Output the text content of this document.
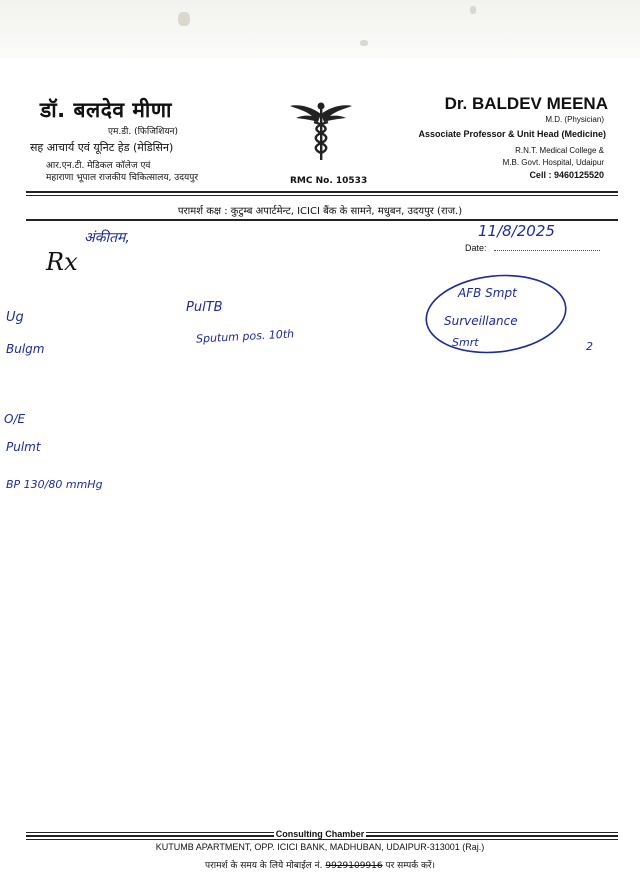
डॉ. बलदेव मीणा
एम.डी. (फिजिशियन)
सह आचार्य एवं यूनिट हेड (मेडिसिन)
आर.एन.टी. मेडिकल कॉलेज एवं
महाराणा भूपाल राजकीय चिकित्सालय, उदयपुर	RMC No. 10533
Dr. BALDEV MEENA
M.D. (Physician)
Associate Professor & Unit Head (Medicine)
R.N.T. Medical College &
M.B. Govt. Hospital, Udaipur
Cell : 9460125520
परामर्श कक्ष : कुटुम्ब अपार्टमेन्ट, ICICI बैंक के सामने, मधुबन, उदयपुर (राज.)
Rx	Date:
11/8/2025
अंकीतम,
Ug
Bulgm
O/E
Pulmt
BP 130/80 mmHg
PulTB
Sputum pos. 10th
AFB Smpt
Surveillance
Smrt	2
Consulting Chamber
KUTUMB APARTMENT, OPP. ICICI BANK, MADHUBAN, UDAIPUR-313001 (Raj.)
परामर्श के समय के लिये मोबाईल नं. 9929109916 पर सम्पर्क करें।
